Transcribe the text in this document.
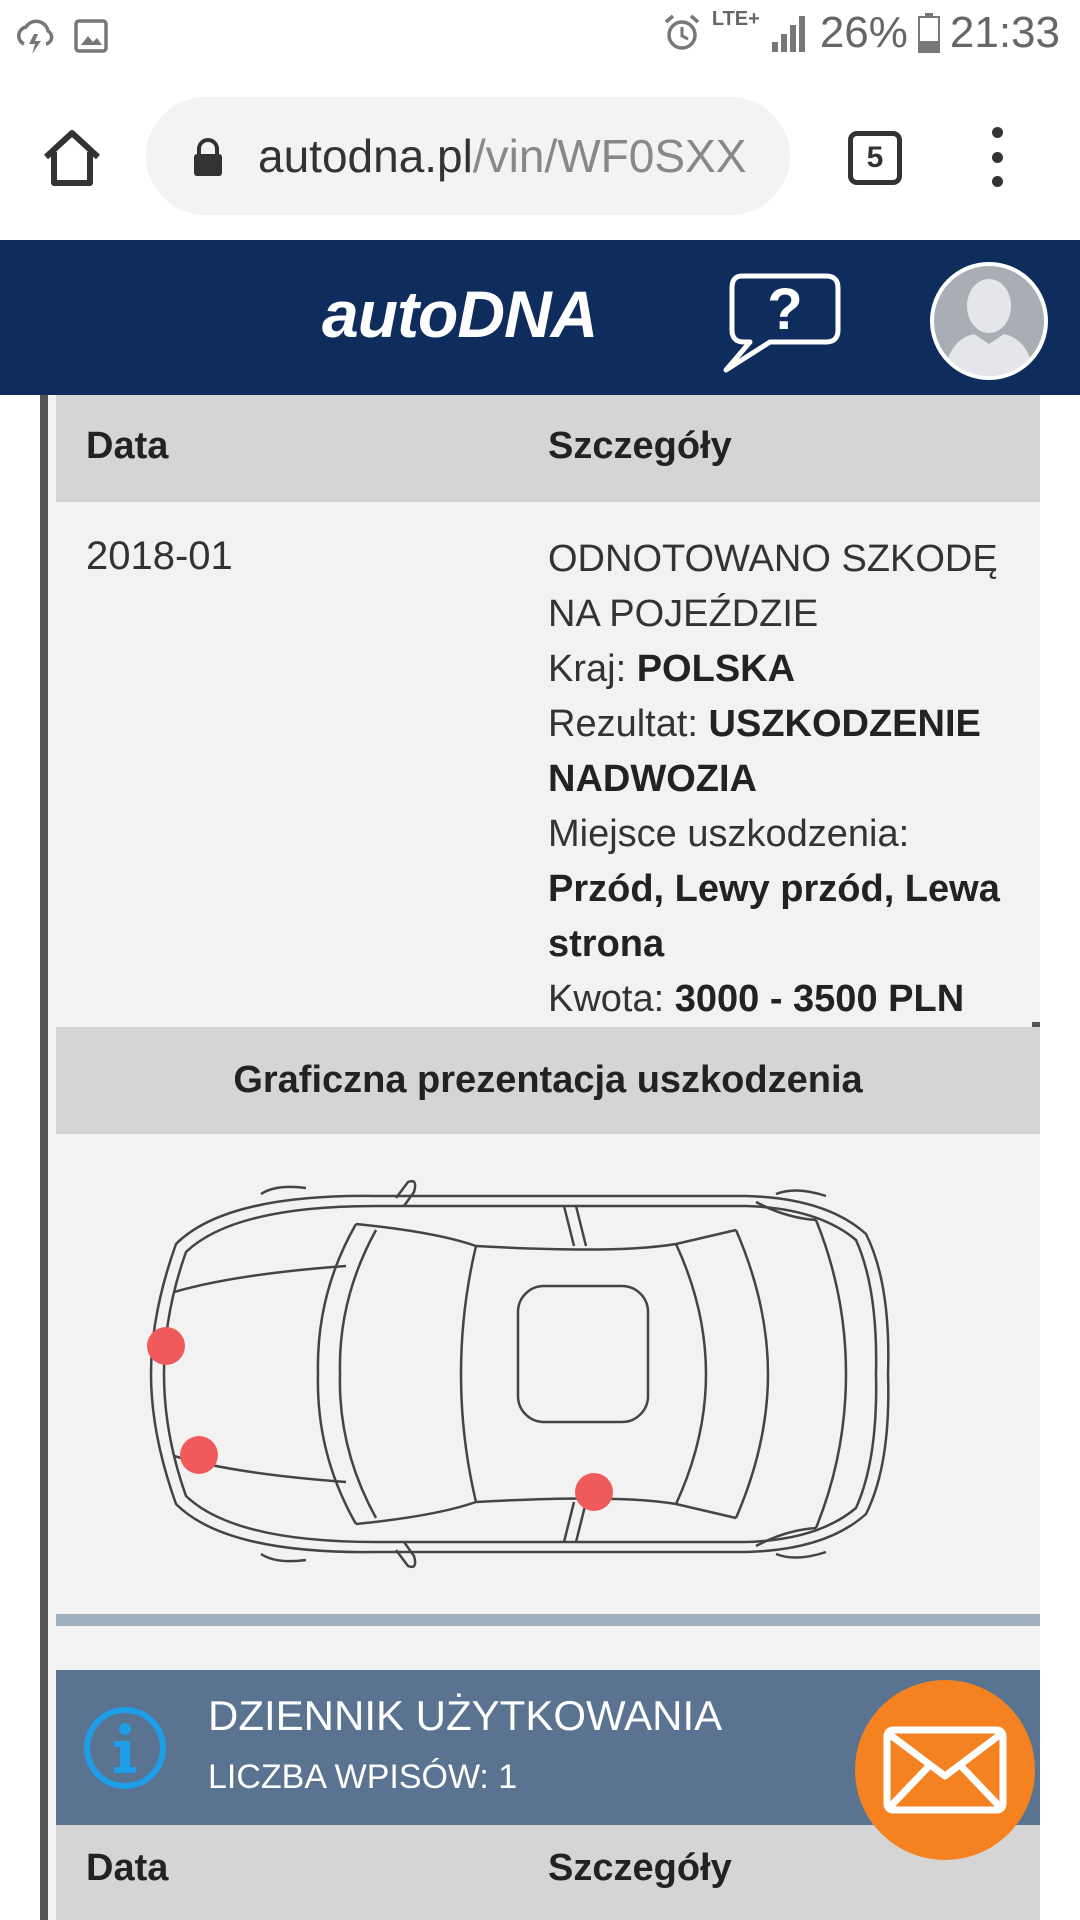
LTE+ 26% 21:33
autodna.pl/vin/WF0SXX	5
autoDNA	?
Data	Szczegóły
2018-01	ODNOTOWANO SZKODĘ NA POJEŹDZIE
Kraj: POLSKA
Rezultat: USZKODZENIE NADWOZIA
Miejsce uszkodzenia:
Przód, Lewy przód, Lewa strona
Kwota: 3000 - 3500 PLN
Graficzna prezentacja uszkodzenia
DZIENNIK UŻYTKOWANIA
LICZBA WPISÓW: 1
Data	Szczegóły
